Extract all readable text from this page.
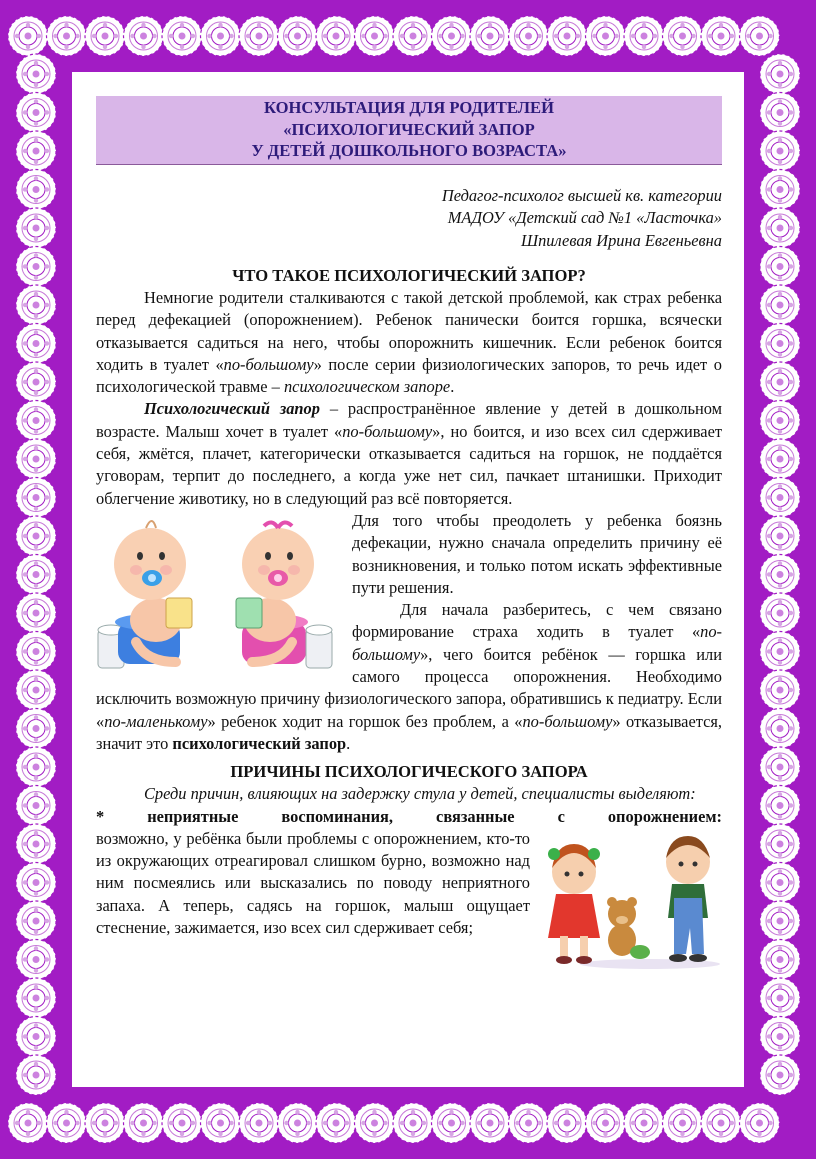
КОНСУЛЬТАЦИЯ ДЛЯ РОДИТЕЛЕЙ
«ПСИХОЛОГИЧЕСКИЙ ЗАПОР
У ДЕТЕЙ ДОШКОЛЬНОГО ВОЗРАСТА»
Педагог-психолог высшей кв. категории
МАДОУ «Детский сад №1 «Ласточка»
Шпилевая Ирина Евгеньевна
ЧТО ТАКОЕ ПСИХОЛОГИЧЕСКИЙ ЗАПОР?

Немногие родители сталкиваются с такой детской проблемой, как страх ребенка перед дефекацией (опорожнением). Ребенок панически боится горшка, всячески отказывается садиться на него, чтобы опорожнить кишечник. Если ребенок боится ходить в туалет «по-большому» после серии физиологических запоров, то речь идет о психологической травме – психологическом запоре.

Психологический запор – распространённое явление у детей в дошкольном возрасте. Малыш хочет в туалет «по-большому», но боится, и изо всех сил сдерживает себя, жмётся, плачет, категорически отказывается садиться на горшок, не поддаётся уговорам, терпит до последнего, а когда уже нет сил, пачкает штанишки. Приходит облегчение животику, но в следующий раз всё повторяется.

Для того чтобы преодолеть у ребенка боязнь дефекации, нужно сначала определить причину её возникновения, и только потом искать эффективные пути решения.

Для начала разберитесь, с чем связано формирование страха ходить в туалет «по-большому», чего боится ребёнок — горшка или самого процесса опорожнения. Необходимо исключить возможную причину физиологического запора, обратившись к педиатру. Если «по-маленькому» ребенок ходит на горшок без проблем, а «по-большому» отказывается, значит это психологический запор.

ПРИЧИНЫ ПСИХОЛОГИЧЕСКОГО ЗАПОРА

Среди причин, влияющих на задержку стула у детей, специалисты выделяют:

* неприятные воспоминания, связанные с опорожнением:

возможно, у ребёнка были проблемы с опорожнением, кто-то из окружающих отреагировал слишком бурно, возможно над ним посмеялись или высказались по поводу неприятного запаха. А теперь, садясь на горшок, малыш ощущает стеснение, зажимается, изо всех сил сдерживает себя;
